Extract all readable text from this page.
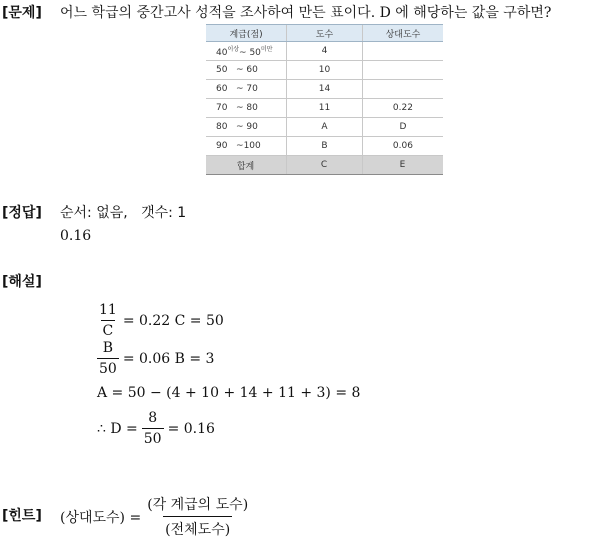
[문제] 어느 학급의 중간고사 성적을 조사하여 만든 표이다. D 에 해당하는 값을 구하면?
계급(점)	도수	상대도수
$40^{이상}\sim$ $50^{미만}$	4	
50   ~ 60	10	
60   ~ 70	14	
70   ~ 80	11	0.22
80   ~ 90	A	D
90   ~100	B	0.06
합계	C	E
[정답] 순서: 없음,   갯수: 1
0.16
[해설]
$\frac{11}{C} = 0.22$ C = 50
$\frac{B}{50} = 0.06$ B = 3
A = 50 − (4 + 10 + 14 + 11 + 3) = 8
∴ $D = \frac{8}{50} = 0.16$
[힌트] (상대도수) = $\frac{\text{(각 계급의 도수)}}{\text{(전체도수)}}$
